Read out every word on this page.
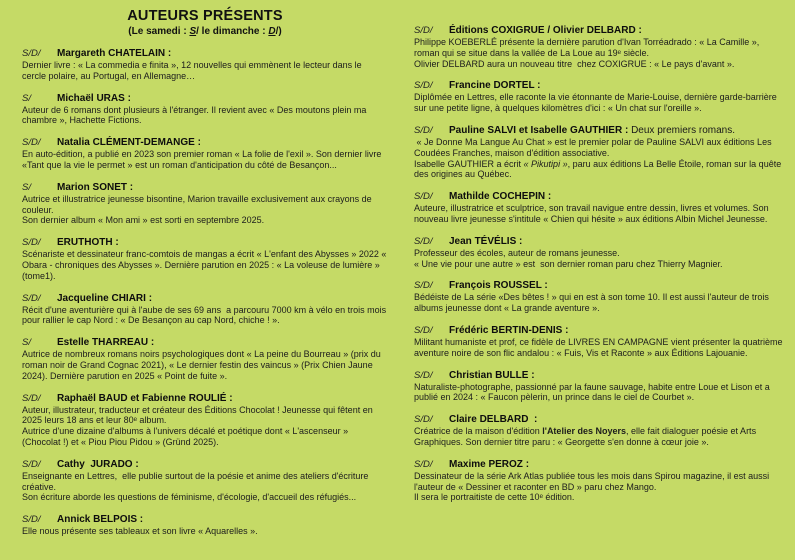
AUTEURS PRÉSENTS
(Le samedi : S/ le dimanche : D/)
S/D/ Margareth CHATELAIN :
Dernier livre : « La commedia e finita », 12 nouvelles qui emmènent le lecteur dans le cercle polaire, au Portugal, en Allemagne…
S/	Michaël URAS :
Auteur de 6 romans dont plusieurs à l'étranger. Il revient avec « Des moutons plein ma chambre », Hachette Fictions.
S/D/ Natalia CLÉMENT-DEMANGE :
En auto-édition, a publié en 2023 son premier roman « La folie de l'exil ». Son dernier livre «Tant que la vie le permet » est un roman d'anticipation du côté de Besançon...
S/	Marion SONET :
Autrice et illustratrice jeunesse bisontine, Marion travaille exclusivement aux crayons de couleur.
Son dernier album « Mon ami » est sorti en septembre 2025.
S/D/ ERUTHOTH :
Scénariste et dessinateur franc-comtois de mangas a écrit « L'enfant des Abysses » 2022 « Obara - chroniques des Abysses ». Dernière parution en 2025 : « La voleuse de lumière » (tome1).
S/D/ Jacqueline CHIARI :
Récit d'une aventurière qui à l'aube de ses 69 ans  a parcouru 7000 km à vélo en trois mois pour rallier le cap Nord : « De Besançon au cap Nord, chiche ! ».
S/	Estelle THARREAU :
Autrice de nombreux romans noirs psychologiques dont « La peine du Bourreau » (prix du roman noir de Grand Cognac 2021), « Le dernier festin des vaincus » (Prix Chien Jaune 2024). Dernière parution en 2025 « Point de fuite ».
S/D/ Raphaël BAUD et Fabienne ROULIÉ :
Auteur, illustrateur, traducteur et créateur des Éditions Chocolat ! Jeunesse qui fêtent en 2025 leurs 18 ans et leur 80ᵉ album.
Autrice d'une dizaine d'albums à l'univers décalé et poétique dont « L'ascenseur » (Chocolat !) et « Piou Piou Pidou » (Gründ 2025).
S/D/ Cathy  JURADO :
Enseignante en Lettres,  elle publie surtout de la poésie et anime des ateliers d'écriture créative.
Son écriture aborde les questions de féminisme, d'écologie, d'accueil des réfugiés...
S/D/ Annick BELPOIS :
Elle nous présente ses tableaux et son livre « Aquarelles ».
S/D/ Éditions COXIGRUE / Olivier DELBARD :
Philippe KOEBERLÉ présente la dernière parution d'Ivan Torréadrado : « La Camille », roman qui se situe dans la vallée de La Loue au 19ᵉ siècle.
Olivier DELBARD aura un nouveau titre  chez COXIGRUE : « Le pays d'avant ».
S/D/ Francine DORTEL :
Diplômée en Lettres, elle raconte la vie étonnante de Marie-Louise, dernière garde-barrière sur une petite ligne, à quelques kilomètres d'ici : « Un chat sur l'oreille ».
S/D/ Pauline SALVI et Isabelle GAUTHIER : Deux premiers romans.
« Je Donne Ma Langue Au Chat » est le premier polar de Pauline SALVI aux éditions Les Coudées Franches, maison d'édition associative.
Isabelle GAUTHIER a écrit « Pikutipi », paru aux éditions La Belle Étoile, roman sur la quête des origines au Québec.
S/D/ Mathilde COCHEPIN :
Auteure, illustratrice et sculptrice, son travail navigue entre dessin, livres et volumes. Son nouveau livre jeunesse s'intitule « Chien qui hésite » aux éditions Albin Michel Jeunesse.
S/D/ Jean TÉVÉLIS :
Professeur des écoles, auteur de romans jeunesse.
« Une vie pour une autre » est  son dernier roman paru chez Thierry Magnier.
S/D/ François ROUSSEL :
Bédéiste de La série «Des bêtes ! » qui en est à son tome 10. Il est aussi l'auteur de trois albums jeunesse dont « La grande aventure ».
S/D/ Frédéric BERTIN-DENIS :
Militant humaniste et prof, ce fidèle de LIVRES EN CAMPAGNE vient présenter la quatrième aventure noire de son flic andalou : « Fuis, Vis et Raconte » aux Éditions Lajouanie.
S/D/ Christian BULLE :
Naturaliste-photographe, passionné par la faune sauvage, habite entre Loue et Lison et a publié en 2024 : « Faucon pèlerin, un prince dans le ciel de Courbet ».
S/D/ Claire DELBARD  :
Créatrice de la maison d'édition l'Atelier des Noyers, elle fait dialoguer poésie et Arts Graphiques. Son dernier titre paru : « Georgette s'en donne à cœur joie ».
S/D/ Maxime PEROZ :
Dessinateur de la série Ark Atlas publiée tous les mois dans Spirou magazine, il est aussi l'auteur de « Dessiner et raconter en BD » paru chez Mango.
Il sera le portraitiste de cette 10ᵉ édition.
